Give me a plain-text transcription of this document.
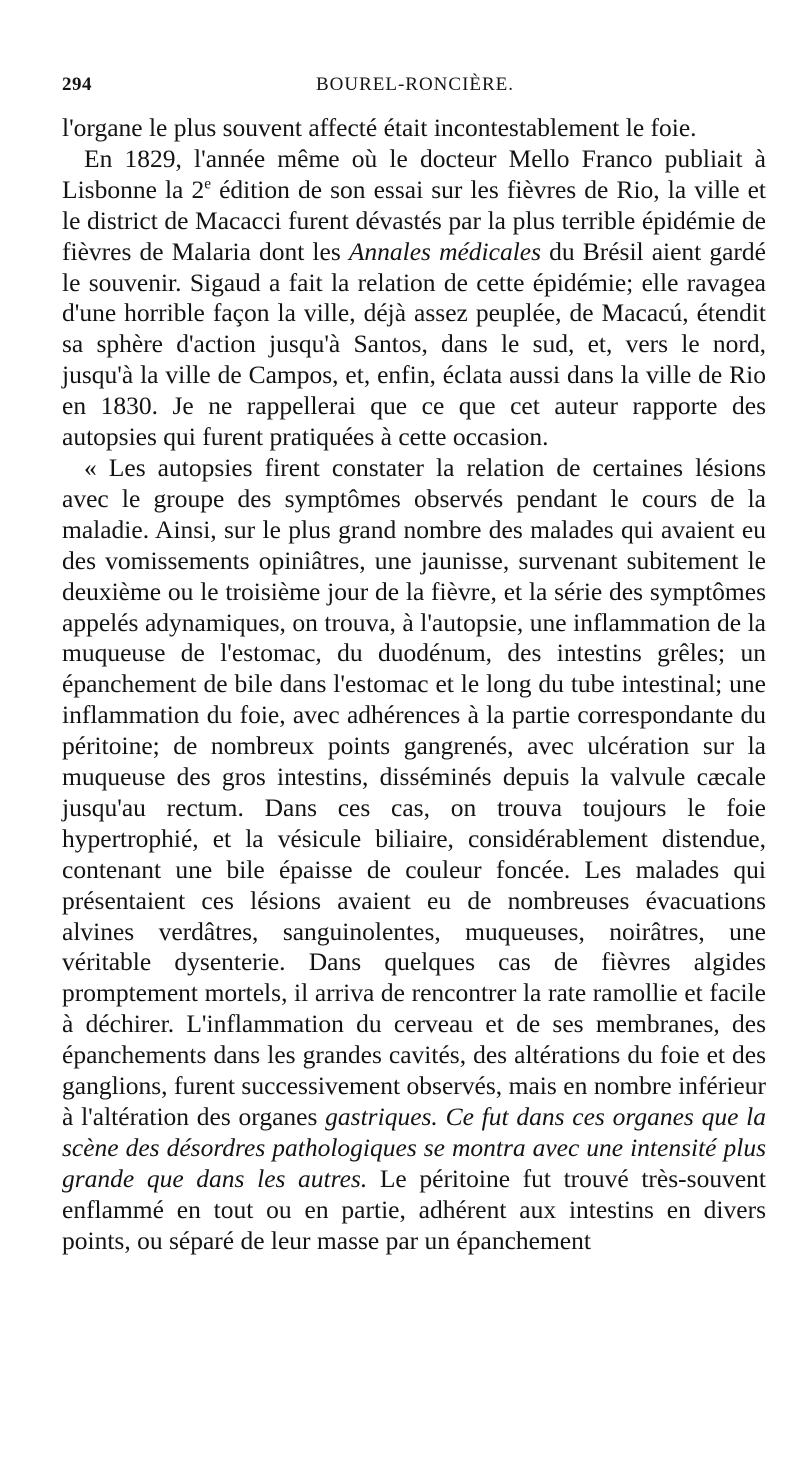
294	BOUREL-RONCIÈRE.

l'organe le plus souvent affecté était incontestablement le foie.

En 1829, l'année même où le docteur Mello Franco publiait à Lisbonne la 2e édition de son essai sur les fièvres de Rio, la ville et le district de Macacci furent dévastés par la plus terrible épidémie de fièvres de Malaria dont les Annales médicales du Brésil aient gardé le souvenir. Sigaud a fait la relation de cette épidémie; elle ravagea d'une horrible façon la ville, déjà assez peuplée, de Macacú, étendit sa sphère d'action jusqu'à Santos, dans le sud, et, vers le nord, jusqu'à la ville de Campos, et, enfin, éclata aussi dans la ville de Rio en 1830. Je ne rappellerai que ce que cet auteur rapporte des autopsies qui furent pratiquées à cette occasion.

« Les autopsies firent constater la relation de certaines lésions avec le groupe des symptômes observés pendant le cours de la maladie. Ainsi, sur le plus grand nombre des malades qui avaient eu des vomissements opiniâtres, une jaunisse, survenant subitement le deuxième ou le troisième jour de la fièvre, et la série des symptômes appelés adynamiques, on trouva, à l'autopsie, une inflammation de la muqueuse de l'estomac, du duodénum, des intestins grêles; un épanchement de bile dans l'estomac et le long du tube intestinal; une inflammation du foie, avec adhérences à la partie correspondante du péritoine; de nombreux points gangrenés, avec ulcération sur la muqueuse des gros intestins, disséminés depuis la valvule cæcale jusqu'au rectum. Dans ces cas, on trouva toujours le foie hypertrophié, et la vésicule biliaire, considérablement distendue, contenant une bile épaisse de couleur foncée. Les malades qui présentaient ces lésions avaient eu de nombreuses évacuations alvines verdâtres, sanguinolentes, muqueuses, noirâtres, une véritable dysenterie. Dans quelques cas de fièvres algides promptement mortels, il arriva de rencontrer la rate ramollie et facile à déchirer. L'inflammation du cerveau et de ses membranes, des épanchements dans les grandes cavités, des altérations du foie et des ganglions, furent successivement observés, mais en nombre inférieur à l'altération des organes gastriques. Ce fut dans ces organes que la scène des désordres pathologiques se montra avec une intensité plus grande que dans les autres. Le péritoine fut trouvé très-souvent enflammé en tout ou en partie, adhérent aux intestins en divers points, ou séparé de leur masse par un épanchement
